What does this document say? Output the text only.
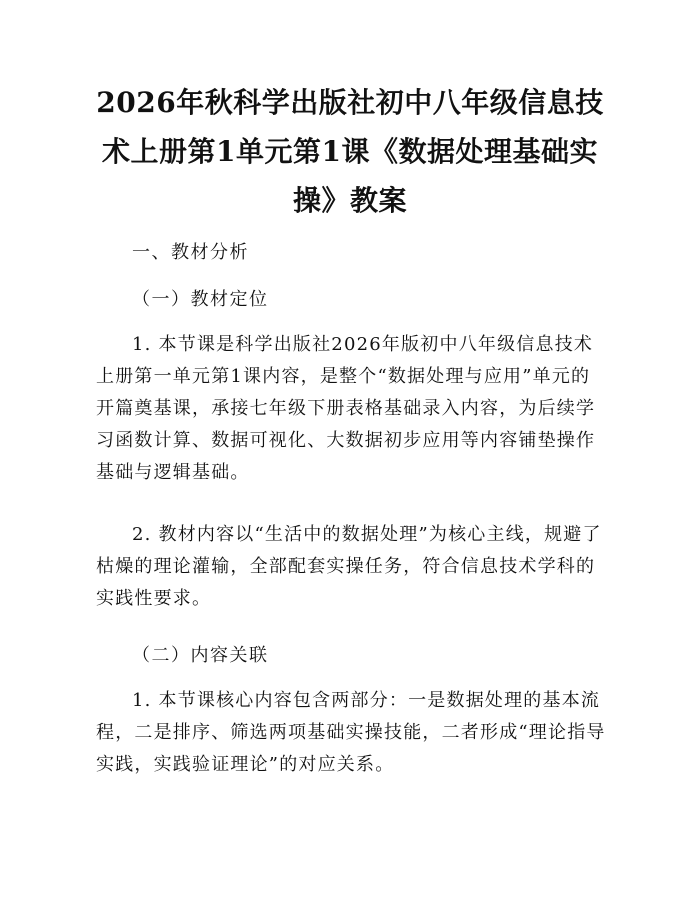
2026年秋科学出版社初中八年级信息技术上册第1单元第1课《数据处理基础实操》教案

一、教材分析

（一）教材定位

1. 本节课是科学出版社2026年版初中八年级信息技术上册第一单元第1课内容，是整个“数据处理与应用”单元的开篇奠基课，承接七年级下册表格基础录入内容，为后续学习函数计算、数据可视化、大数据初步应用等内容铺垫操作基础与逻辑基础。

2. 教材内容以“生活中的数据处理”为核心主线，规避了枯燥的理论灌输，全部配套实操任务，符合信息技术学科的实践性要求。

（二）内容关联

1. 本节课核心内容包含两部分：一是数据处理的基本流程，二是排序、筛选两项基础实操技能，二者形成“理论指导实践，实践验证理论”的对应关系。
